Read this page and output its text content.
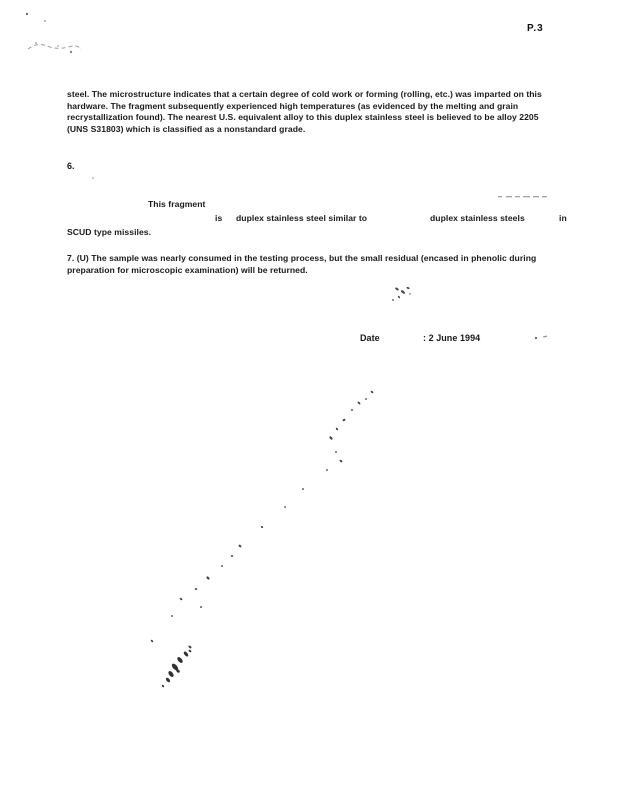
P.3
steel. The microstructure indicates that a certain degree of cold work or forming (rolling, etc.) was imparted on this
hardware. The fragment subsequently experienced high temperatures (as evidenced by the melting and grain
recrystallization found). The nearest U.S. equivalent alloy to this duplex stainless steel is believed to be alloy 2205
(UNS S31803) which is classified as a nonstandard grade.
6.
This fragment
is duplex stainless steel similar to	duplex stainless steels	in
SCUD type missiles.
7. (U) The sample was nearly consumed in the testing process, but the small residual (encased in phenolic during
preparation for microscopic examination) will be returned.
Date	: 2 June 1994
